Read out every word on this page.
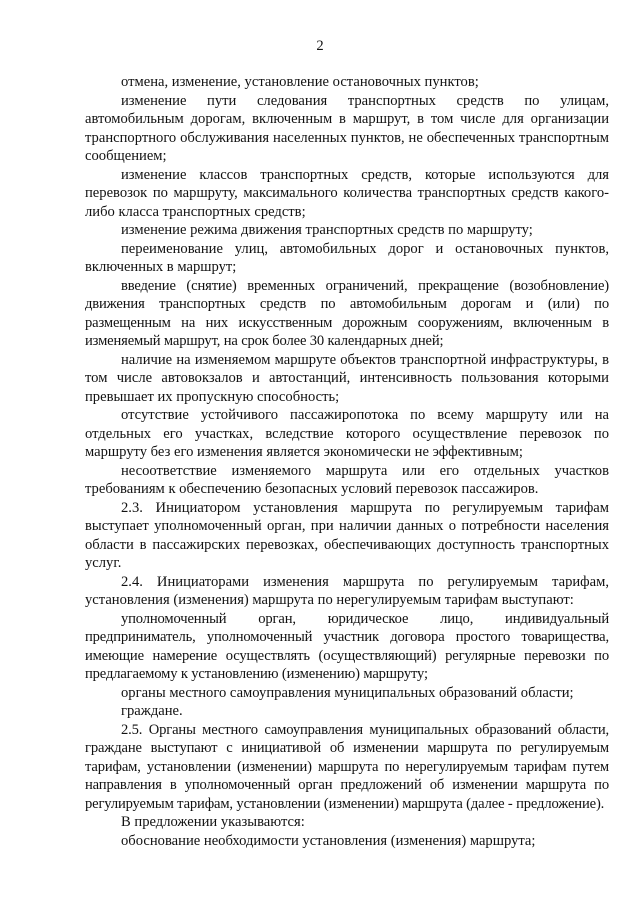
2

отмена, изменение, установление остановочных пунктов;

изменение пути следования транспортных средств по улицам, автомобильным дорогам, включенным в маршрут, в том числе для организации транспортного обслуживания населенных пунктов, не обеспеченных транспортным сообщением;

изменение классов транспортных средств, которые используются для перевозок по маршруту, максимального количества транспортных средств какого-либо класса транспортных средств;

изменение режима движения транспортных средств по маршруту;

переименование улиц, автомобильных дорог и остановочных пунктов, включенных в маршрут;

введение (снятие) временных ограничений, прекращение (возобновление) движения транспортных средств по автомобильным дорогам и (или) по размещенным на них искусственным дорожным сооружениям, включенным в изменяемый маршрут, на срок более 30 календарных дней;

наличие на изменяемом маршруте объектов транспортной инфраструктуры, в том числе автовокзалов и автостанций, интенсивность пользования которыми превышает их пропускную способность;

отсутствие устойчивого пассажиропотока по всему маршруту или на отдельных его участках, вследствие которого осуществление перевозок по маршруту без его изменения является экономически не эффективным;

несоответствие изменяемого маршрута или его отдельных участков требованиям к обеспечению безопасных условий перевозок пассажиров.

2.3. Инициатором установления маршрута по регулируемым тарифам выступает уполномоченный орган, при наличии данных о потребности населения области в пассажирских перевозках, обеспечивающих доступность транспортных услуг.

2.4. Инициаторами изменения маршрута по регулируемым тарифам, установления (изменения) маршрута по нерегулируемым тарифам выступают:

уполномоченный орган, юридическое лицо, индивидуальный предприниматель, уполномоченный участник договора простого товарищества, имеющие намерение осуществлять (осуществляющий) регулярные перевозки по предлагаемому к установлению (изменению) маршруту;

органы местного самоуправления муниципальных образований области;

граждане.

2.5. Органы местного самоуправления муниципальных образований области, граждане выступают с инициативой об изменении маршрута по регулируемым тарифам, установлении (изменении) маршрута по нерегулируемым тарифам путем направления в уполномоченный орган предложений об изменении маршрута по регулируемым тарифам, установлении (изменении) маршрута (далее - предложение).

В предложении указываются:

обоснование необходимости установления (изменения) маршрута;
